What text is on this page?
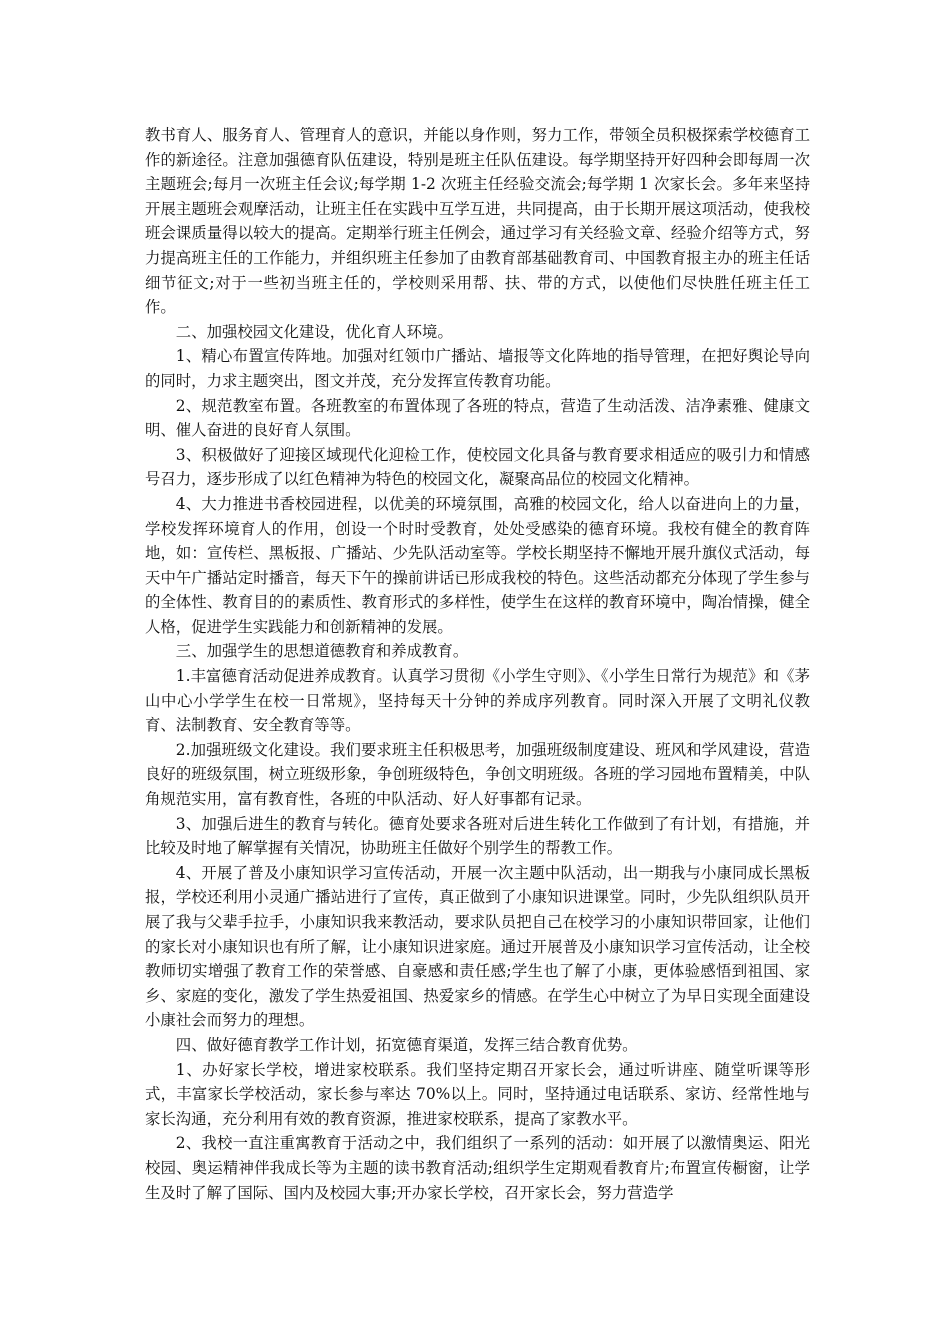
教书育人、服务育人、管理育人的意识，并能以身作则，努力工作，带领全员积极探索学校德育工作的新途径。注意加强德育队伍建设，特别是班主任队伍建设。每学期坚持开好四种会即每周一次主题班会;每月一次班主任会议;每学期 1-2 次班主任经验交流会;每学期 1 次家长会。多年来坚持开展主题班会观摩活动，让班主任在实践中互学互进，共同提高，由于长期开展这项活动，使我校班会课质量得以较大的提高。定期举行班主任例会，通过学习有关经验文章、经验介绍等方式，努力提高班主任的工作能力，并组织班主任参加了由教育部基础教育司、中国教育报主办的班主任话细节征文;对于一些初当班主任的，学校则采用帮、扶、带的方式，以使他们尽快胜任班主任工作。

二、加强校园文化建设，优化育人环境。

1、精心布置宣传阵地。加强对红领巾广播站、墙报等文化阵地的指导管理，在把好舆论导向的同时，力求主题突出，图文并茂，充分发挥宣传教育功能。

2、规范教室布置。各班教室的布置体现了各班的特点，营造了生动活泼、洁净素雅、健康文明、催人奋进的良好育人氛围。

3、积极做好了迎接区域现代化迎检工作，使校园文化具备与教育要求相适应的吸引力和情感号召力，逐步形成了以红色精神为特色的校园文化，凝聚高品位的校园文化精神。

4、大力推进书香校园进程，以优美的环境氛围，高雅的校园文化，给人以奋进向上的力量，学校发挥环境育人的作用，创设一个时时受教育，处处受感染的德育环境。我校有健全的教育阵地，如：宣传栏、黑板报、广播站、少先队活动室等。学校长期坚持不懈地开展升旗仪式活动，每天中午广播站定时播音，每天下午的操前讲话已形成我校的特色。这些活动都充分体现了学生参与的全体性、教育目的的素质性、教育形式的多样性，使学生在这样的教育环境中，陶冶情操，健全人格，促进学生实践能力和创新精神的发展。

三、加强学生的思想道德教育和养成教育。

1.丰富德育活动促进养成教育。认真学习贯彻《小学生守则》、《小学生日常行为规范》和《茅山中心小学学生在校一日常规》，坚持每天十分钟的养成序列教育。同时深入开展了文明礼仪教育、法制教育、安全教育等等。

2.加强班级文化建设。我们要求班主任积极思考，加强班级制度建设、班风和学风建设，营造良好的班级氛围，树立班级形象，争创班级特色，争创文明班级。各班的学习园地布置精美，中队角规范实用，富有教育性，各班的中队活动、好人好事都有记录。

3、加强后进生的教育与转化。德育处要求各班对后进生转化工作做到了有计划，有措施，并比较及时地了解掌握有关情况，协助班主任做好个别学生的帮教工作。

4、开展了普及小康知识学习宣传活动，开展一次主题中队活动，出一期我与小康同成长黑板报，学校还利用小灵通广播站进行了宣传，真正做到了小康知识进课堂。同时，少先队组织队员开展了我与父辈手拉手，小康知识我来教活动，要求队员把自己在校学习的小康知识带回家，让他们的家长对小康知识也有所了解，让小康知识进家庭。通过开展普及小康知识学习宣传活动，让全校教师切实增强了教育工作的荣誉感、自豪感和责任感;学生也了解了小康，更体验感悟到祖国、家乡、家庭的变化，激发了学生热爱祖国、热爱家乡的情感。在学生心中树立了为早日实现全面建设小康社会而努力的理想。

四、做好德育教学工作计划，拓宽德育渠道，发挥三结合教育优势。

1、办好家长学校，增进家校联系。我们坚持定期召开家长会，通过听讲座、随堂听课等形式，丰富家长学校活动，家长参与率达 70%以上。同时，坚持通过电话联系、家访、经常性地与家长沟通，充分利用有效的教育资源，推进家校联系，提高了家教水平。

2、我校一直注重寓教育于活动之中，我们组织了一系列的活动：如开展了以激情奥运、阳光校园、奥运精神伴我成长等为主题的读书教育活动;组织学生定期观看教育片;布置宣传橱窗，让学生及时了解了国际、国内及校园大事;开办家长学校，召开家长会，努力营造学
